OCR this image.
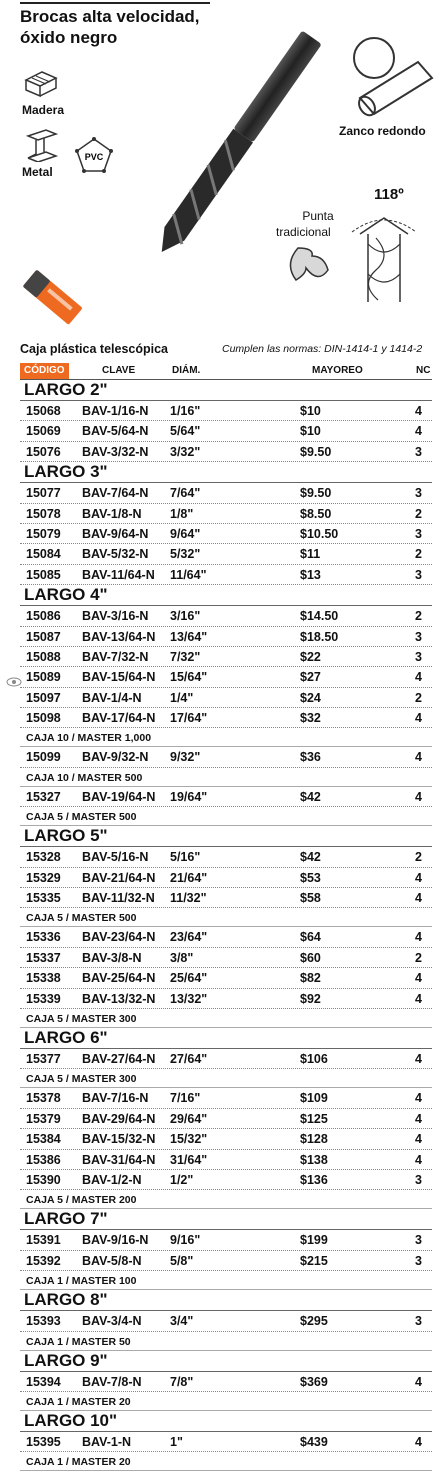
Brocas alta velocidad,
óxido negro
Madera
Metal
PVC
Zanco redondo
118º
Punta
tradicional
Caja plástica telescópica	Cumplen las normas: DIN-1414-1 y 1414-2
CÓDIGO	CLAVE	DIÁM.	MAYOREO	NC
LARGO 2"
15068 BAV-1/16-N 1/16"	$10	4
15069 BAV-5/64-N 5/64"	$10	4
15076 BAV-3/32-N 3/32"	$9.50	3
LARGO 3"
15077 BAV-7/64-N 7/64"	$9.50	3
15078 BAV-1/8-N 1/8"	$8.50	2
15079 BAV-9/64-N 9/64"	$10.50	3
15084 BAV-5/32-N 5/32"	$11	2
15085 BAV-11/64-N 11/64"	$13	3
LARGO 4"
15086 BAV-3/16-N 3/16"	$14.50	2
15087 BAV-13/64-N 13/64"	$18.50	3
15088 BAV-7/32-N 7/32"	$22	3
15089 BAV-15/64-N 15/64"	$27	4
15097 BAV-1/4-N 1/4"	$24	2
15098 BAV-17/64-N 17/64"	$32	4
CAJA 10 / MASTER 1,000
15099 BAV-9/32-N 9/32"	$36	4
CAJA 10 / MASTER 500
15327 BAV-19/64-N 19/64"	$42	4
CAJA 5 / MASTER 500
LARGO 5"
15328 BAV-5/16-N 5/16"	$42	2
15329 BAV-21/64-N 21/64"	$53	4
15335 BAV-11/32-N 11/32"	$58	4
CAJA 5 / MASTER 500
15336 BAV-23/64-N 23/64"	$64	4
15337 BAV-3/8-N 3/8"	$60	2
15338 BAV-25/64-N 25/64"	$82	4
15339 BAV-13/32-N 13/32"	$92	4
CAJA 5 / MASTER 300
LARGO 6"
15377 BAV-27/64-N 27/64"	$106	4
CAJA 5 / MASTER 300
15378 BAV-7/16-N 7/16"	$109	4
15379 BAV-29/64-N 29/64"	$125	4
15384 BAV-15/32-N 15/32"	$128	4
15386 BAV-31/64-N 31/64"	$138	4
15390 BAV-1/2-N 1/2"	$136	3
CAJA 5 / MASTER 200
LARGO 7"
15391 BAV-9/16-N 9/16"	$199	3
15392 BAV-5/8-N 5/8"	$215	3
CAJA 1 / MASTER 100
LARGO 8"
15393 BAV-3/4-N 3/4"	$295	3
CAJA 1 / MASTER 50
LARGO 9"
15394 BAV-7/8-N 7/8"	$369	4
CAJA 1 / MASTER 20
LARGO 10"
15395 BAV-1-N	1"	$439	4
CAJA 1 / MASTER 20
